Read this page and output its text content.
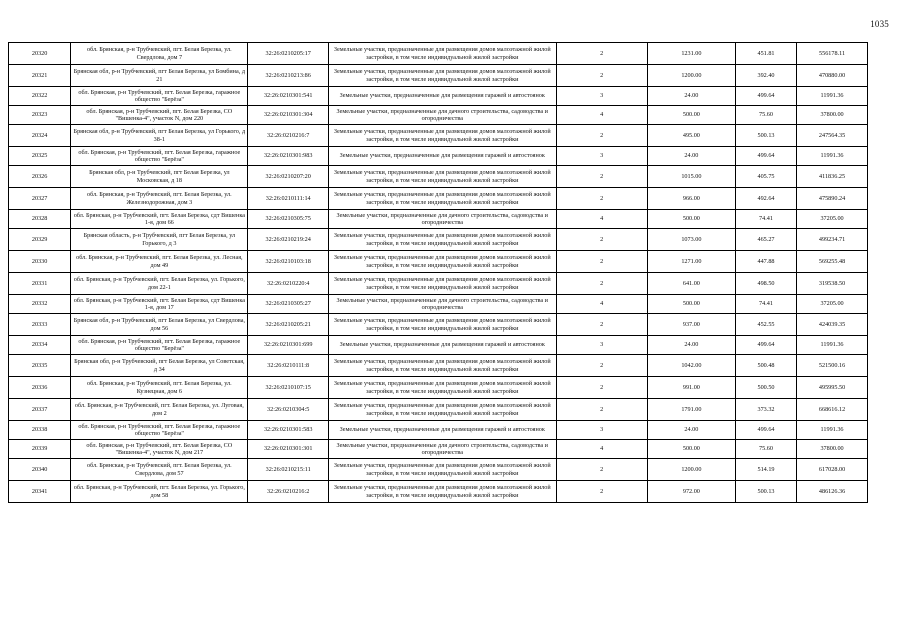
1035
20320	обл. Брянская, р-н Трубчевский, пгт. Белая Березка, ул. Свердлова, дом 7	32:26:0210205:17	Земельные участки, предназначенные для размещения домов малоэтажной жилой застройки, в том числе индивидуальной жилой застройки	2	1231.00	451.81	556178.11
20321	Брянская обл, р-н Трубчевский, пгт Белая Березка, ул Бомбина, д 21	32:26:0210213:86	Земельные участки, предназначенные для размещения домов малоэтажной жилой застройки, в том числе индивидуальной жилой застройки	2	1200.00	392.40	470880.00
20322	обл. Брянская, р-н Трубчевский, пгт. Белая Березка, гаражное общество "Берёза"	32:26:0210301:541	Земельные участки, предназначенные для размещения гаражей и автостоянок	3	24.00	499.64	11991.36
20323	обл. Брянская, р-н Трубчевский, пгт. Белая Березка, СО "Вишенка-4", участок N, дом 220	32:26:0210301:304	Земельные участки, предназначенные для дачного строительства, садоводства и огородничества	4	500.00	75.60	37800.00
20324	Брянская обл, р-н Трубчевский, пгт Белая Березка, ул Горького, д 38-1	32:26:0210216:7	Земельные участки, предназначенные для размещения домов малоэтажной жилой застройки, в том числе индивидуальной жилой застройки	2	495.00	500.13	247564.35
20325	обл. Брянская, р-н Трубчевский, пгт. Белая Березка, гаражное общество "Берёза"	32:26:0210301:983	Земельные участки, предназначенные для размещения гаражей и автостоянок	3	24.00	499.64	11991.36
20326	Брянская обл, р-н Трубчевский, пгт Белая Березка, ул Московская, д 18	32:26:0210207:20	Земельные участки, предназначенные для размещения домов малоэтажной жилой застройки, в том числе индивидуальной жилой застройки	2	1015.00	405.75	411836.25
20327	обл. Брянская, р-н Трубчевский, пгт. Белая Березка, ул. Железнодорожная, дом 3	32:26:0210111:14	Земельные участки, предназначенные для размещения домов малоэтажной жилой застройки, в том числе индивидуальной жилой застройки	2	966.00	492.64	475890.24
20328	обл. Брянская, р-н Трубчевский, пгт. Белая Березка, сдт Вишенка 1-я, дом 66	32:26:0210305:75	Земельные участки, предназначенные для дачного строительства, садоводства и огородничества	4	500.00	74.41	37205.00
20329	Брянская область, р-н Трубчевский, пгт Белая Березка, ул Горького, д 3	32:26:0210219:24	Земельные участки, предназначенные для размещения домов малоэтажной жилой застройки, в том числе индивидуальной жилой застройки	2	1073.00	465.27	499234.71
20330	обл. Брянская, р-н Трубчевский, пгт. Белая Березка, ул. Лесная, дом 49	32:26:0210103:18	Земельные участки, предназначенные для размещения домов малоэтажной жилой застройки, в том числе индивидуальной жилой застройки	2	1271.00	447.88	569255.48
20331	обл. Брянская, р-н Трубчевский, пгт. Белая Березка, ул. Горького, дом 22-1	32:26:0210220:4	Земельные участки, предназначенные для размещения домов малоэтажной жилой застройки, в том числе индивидуальной жилой застройки	2	641.00	498.50	319538.50
20332	обл. Брянская, р-н Трубчевский, пгт. Белая Березка, сдт Вишенка 1-я, дом 17	32:26:0210305:27	Земельные участки, предназначенные для дачного строительства, садоводства и огородничества	4	500.00	74.41	37205.00
20333	Брянская обл, р-н Трубчевский, пгт Белая Березка, ул Свердлова, дом 56	32:26:0210205:21	Земельные участки, предназначенные для размещения домов малоэтажной жилой застройки, в том числе индивидуальной жилой застройки	2	937.00	452.55	424039.35
20334	обл. Брянская, р-н Трубчевский, пгт. Белая Березка, гаражное общество "Берёза"	32:26:0210301:699	Земельные участки, предназначенные для размещения гаражей и автостоянок	3	24.00	499.64	11991.36
20335	Брянская обл, р-н Трубчевский, пгт Белая Березка, ул Советская, д 34	32:26:0210111:8	Земельные участки, предназначенные для размещения домов малоэтажной жилой застройки, в том числе индивидуальной жилой застройки	2	1042.00	500.48	521500.16
20336	обл. Брянская, р-н Трубчевский, пгт. Белая Березка, ул. Кузнецная, дом 6	32:26:0210107:15	Земельные участки, предназначенные для размещения домов малоэтажной жилой застройки, в том числе индивидуальной жилой застройки	2	991.00	500.50	495995.50
20337	обл. Брянская, р-н Трубчевский, пгт. Белая Березка, ул. Луговая, дом 2	32:26:0210304:5	Земельные участки, предназначенные для размещения домов малоэтажной жилой застройки, в том числе индивидуальной жилой застройки	2	1791.00	373.32	668616.12
20338	обл. Брянская, р-н Трубчевский, пгт. Белая Березка, гаражное общество "Берёза"	32:26:0210301:583	Земельные участки, предназначенные для размещения гаражей и автостоянок	3	24.00	499.64	11991.36
20339	обл. Брянская, р-н Трубчевский, пгт. Белая Березка, СО "Вишенка-4", участок N, дом 217	32:26:0210301:301	Земельные участки, предназначенные для дачного строительства, садоводства и огородничества	4	500.00	75.60	37800.00
20340	обл. Брянская, р-н Трубчевский, пгт. Белая Березка, ул. Свердлова, дом 57	32:26:0210215:11	Земельные участки, предназначенные для размещения домов малоэтажной жилой застройки, в том числе индивидуальной жилой застройки	2	1200.00	514.19	617028.00
20341	обл. Брянская, р-н Трубчевский, пгт. Белая Березка, ул. Горького, дом 58	32:26:0210216:2	Земельные участки, предназначенные для размещения домов малоэтажной жилой застройки, в том числе индивидуальной жилой застройки	2	972.00	500.13	486126.36
